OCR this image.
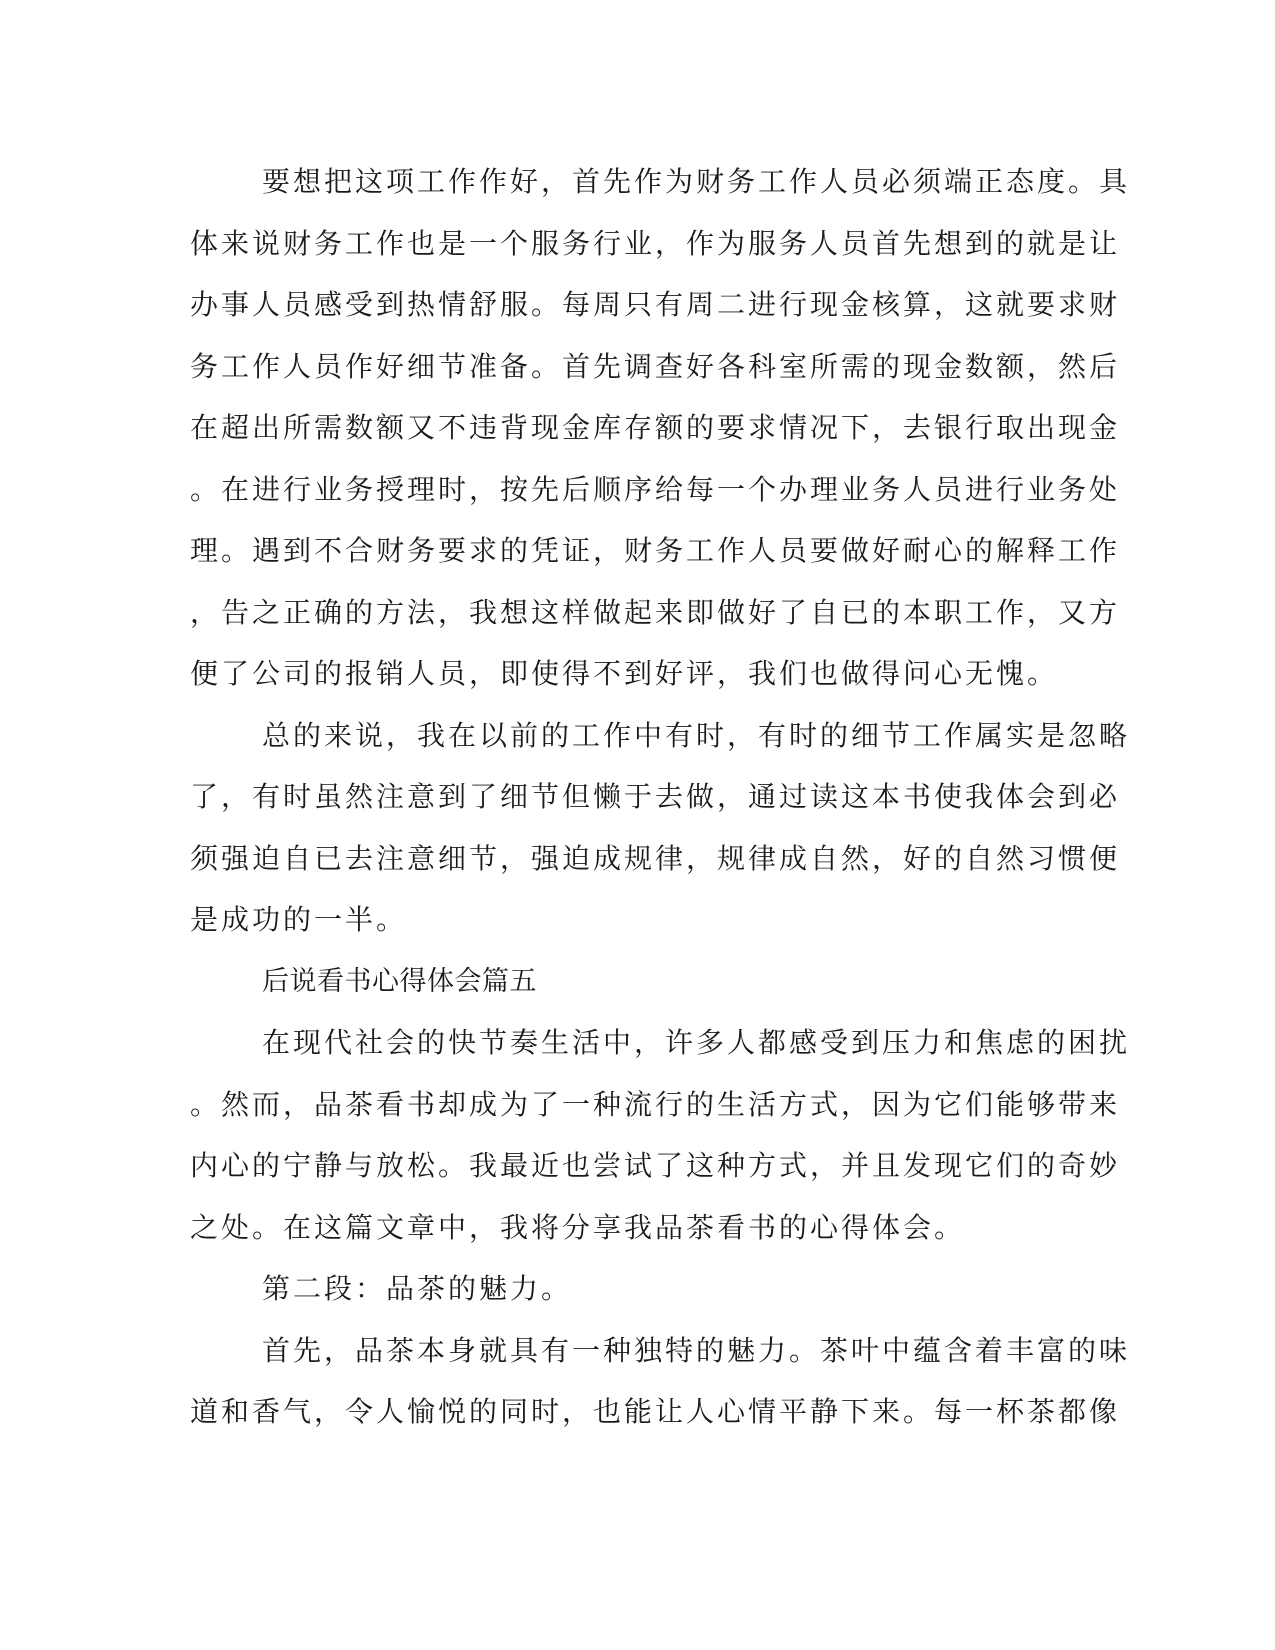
要想把这项工作作好，首先作为财务工作人员必须端正态度。具
体来说财务工作也是一个服务行业，作为服务人员首先想到的就是让
办事人员感受到热情舒服。每周只有周二进行现金核算，这就要求财
务工作人员作好细节准备。首先调查好各科室所需的现金数额，然后
在超出所需数额又不违背现金库存额的要求情况下，去银行取出现金
。在进行业务授理时，按先后顺序给每一个办理业务人员进行业务处
理。遇到不合财务要求的凭证，财务工作人员要做好耐心的解释工作
，告之正确的方法，我想这样做起来即做好了自已的本职工作，又方
便了公司的报销人员，即使得不到好评，我们也做得问心无愧。
总的来说，我在以前的工作中有时，有时的细节工作属实是忽略
了，有时虽然注意到了细节但懒于去做，通过读这本书使我体会到必
须强迫自已去注意细节，强迫成规律，规律成自然，好的自然习惯便
是成功的一半。
后说看书心得体会篇五
在现代社会的快节奏生活中，许多人都感受到压力和焦虑的困扰
。然而，品茶看书却成为了一种流行的生活方式，因为它们能够带来
内心的宁静与放松。我最近也尝试了这种方式，并且发现它们的奇妙
之处。在这篇文章中，我将分享我品茶看书的心得体会。
第二段：品茶的魅力。
首先，品茶本身就具有一种独特的魅力。茶叶中蕴含着丰富的味
道和香气，令人愉悦的同时，也能让人心情平静下来。每一杯茶都像
